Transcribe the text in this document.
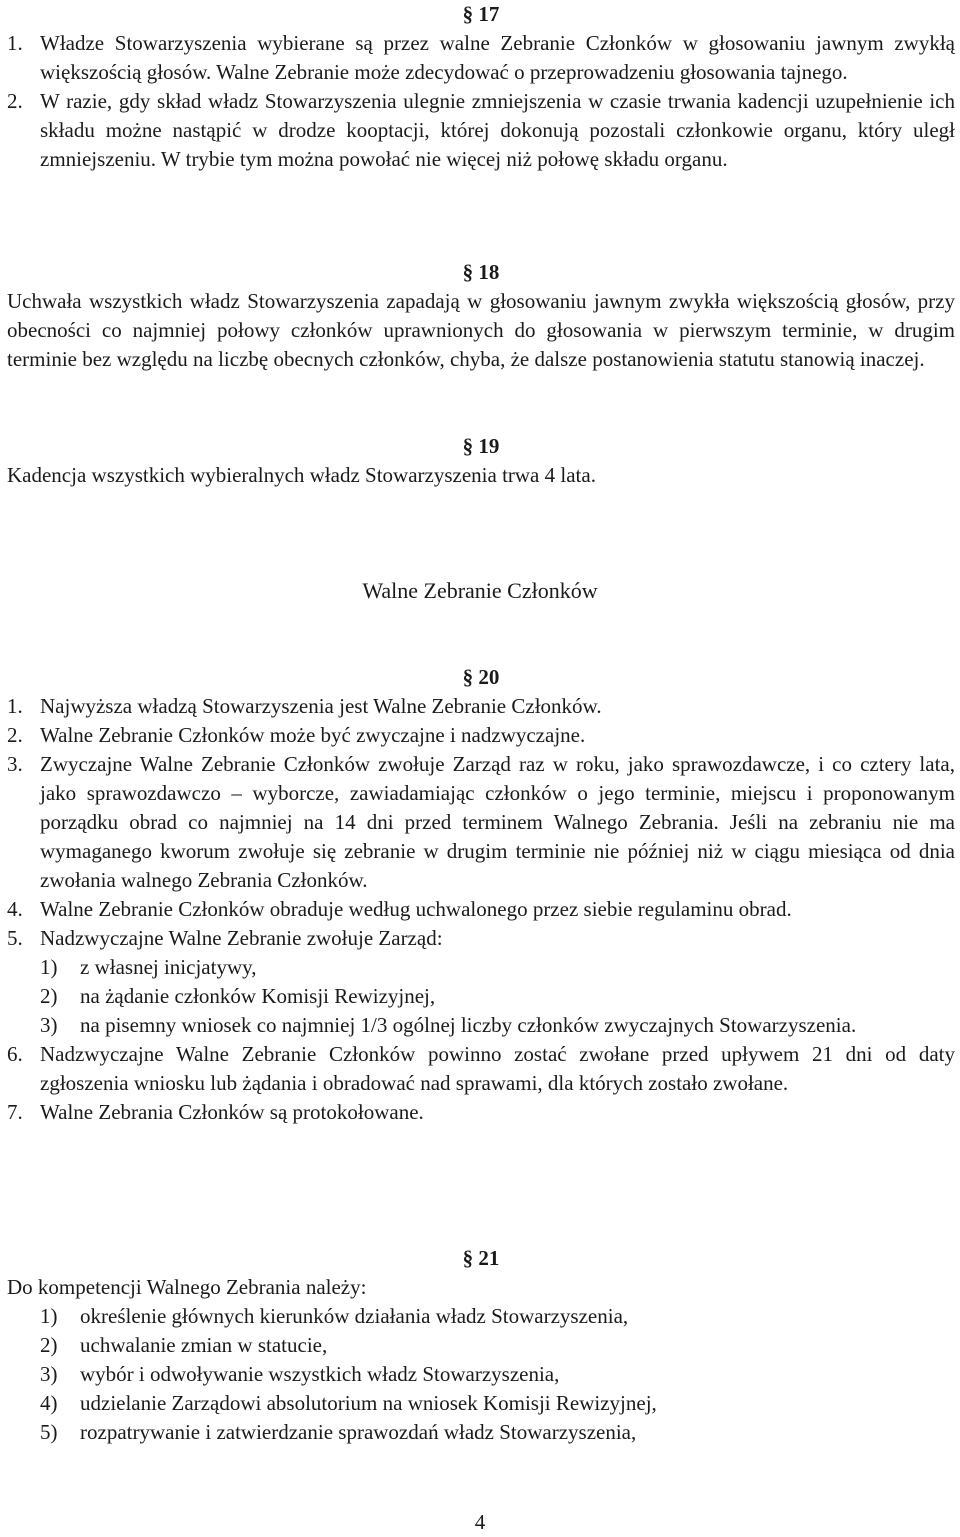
§ 17
1. Władze Stowarzyszenia wybierane są przez walne Zebranie Członków w głosowaniu jawnym zwykłą większością głosów. Walne Zebranie może zdecydować o przeprowadzeniu głosowania tajnego.
2. W razie, gdy skład władz Stowarzyszenia ulegnie zmniejszenia w czasie trwania kadencji uzupełnienie ich składu możne nastąpić w drodze kooptacji, której dokonują pozostali członkowie organu, który uległ zmniejszeniu. W trybie tym można powołać nie więcej niż połowę składu organu.
§ 18
Uchwała wszystkich władz Stowarzyszenia zapadają w głosowaniu jawnym zwykła większością głosów, przy obecności co najmniej połowy członków uprawnionych do głosowania w pierwszym terminie, w drugim terminie bez względu na liczbę obecnych członków, chyba, że dalsze postanowienia statutu stanowią inaczej.
§ 19
Kadencja wszystkich wybieralnych władz Stowarzyszenia trwa 4 lata.
Walne Zebranie Członków
§ 20
1. Najwyższa władzą Stowarzyszenia jest Walne Zebranie Członków.
2. Walne Zebranie Członków może być zwyczajne i nadzwyczajne.
3. Zwyczajne Walne Zebranie Członków zwołuje Zarząd raz w roku, jako sprawozdawcze, i co cztery lata, jako sprawozdawczo – wyborcze, zawiadamiając członków o jego terminie, miejscu i proponowanym porządku obrad co najmniej na 14 dni przed terminem Walnego Zebrania. Jeśli na zebraniu nie ma wymaganego kworum zwołuje się zebranie w drugim terminie nie później niż w ciągu miesiąca od dnia zwołania walnego Zebrania Członków.
4. Walne Zebranie Członków obraduje według uchwalonego przez siebie regulaminu obrad.
5. Nadzwyczajne Walne Zebranie zwołuje Zarząd:
1)	z własnej inicjatywy,
2)	na żądanie członków Komisji Rewizyjnej,
3)	na pisemny wniosek co najmniej 1/3 ogólnej liczby członków zwyczajnych Stowarzyszenia.
6. Nadzwyczajne Walne Zebranie Członków powinno zostać zwołane przed upływem 21 dni od daty zgłoszenia wniosku lub żądania i obradować nad sprawami, dla których zostało zwołane.
7. Walne Zebrania Członków są protokołowane.
§ 21
Do kompetencji Walnego Zebrania należy:
1)	określenie głównych kierunków działania władz Stowarzyszenia,
2)	uchwalanie zmian w statucie,
3)	wybór i odwoływanie wszystkich władz Stowarzyszenia,
4)	udzielanie Zarządowi absolutorium na wniosek Komisji Rewizyjnej,
5)	rozpatrywanie i zatwierdzanie sprawozdań władz Stowarzyszenia,
4
